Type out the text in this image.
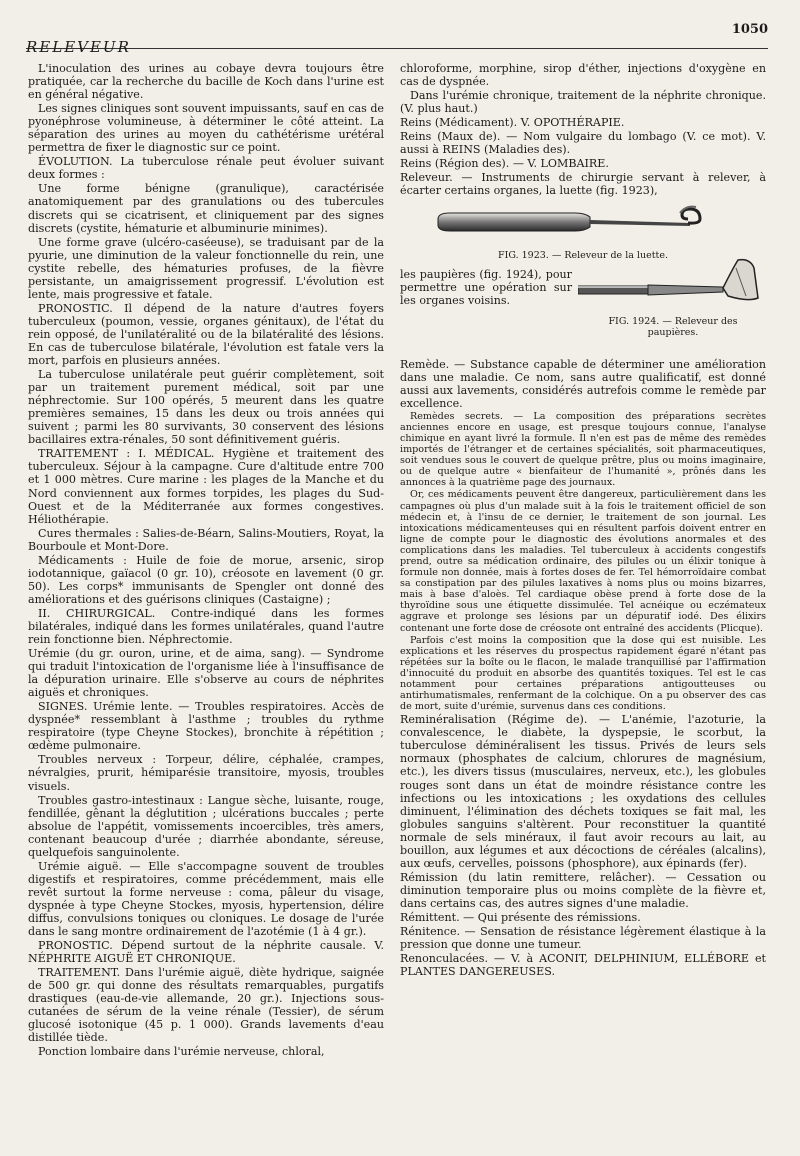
RELEVEUR
1050

L'inoculation des urines au cobaye devra toujours être pratiquée, car la recherche du bacille de Koch dans l'urine est en général négative.

Les signes cliniques sont souvent impuissants, sauf en cas de pyonéphrose volumineuse, à déterminer le côté atteint. La séparation des urines au moyen du cathétérisme urétéral permettra de fixer le diagnostic sur ce point.

ÉVOLUTION. La tuberculose rénale peut évoluer suivant deux formes :

Une forme bénigne (granulique), caractérisée anatomiquement par des granulations ou des tubercules discrets qui se cicatrisent, et cliniquement par des signes discrets (cystite, hématurie et albuminurie minimes).

Une forme grave (ulcéro-caséeuse), se traduisant par de la pyurie, une diminution de la valeur fonctionnelle du rein, une cystite rebelle, des hématuries profuses, de la fièvre persistante, un amaigrissement progressif. L'évolution est lente, mais progressive et fatale.

PRONOSTIC. Il dépend de la nature d'autres foyers tuberculeux (poumon, vessie, organes génitaux), de l'état du rein opposé, de l'unilatéralité ou de la bilatéralité des lésions. En cas de tuberculose bilatérale, l'évolution est fatale vers la mort, parfois en plusieurs années.

La tuberculose unilatérale peut guérir complètement, soit par un traitement purement médical, soit par une néphrectomie. Sur 100 opérés, 5 meurent dans les quatre premières semaines, 15 dans les deux ou trois années qui suivent ; parmi les 80 survivants, 30 conservent des lésions bacillaires extra-rénales, 50 sont définitivement guéris.

TRAITEMENT : I. MÉDICAL. Hygiène et traitement des tuberculeux. Séjour à la campagne. Cure d'altitude entre 700 et 1 000 mètres. Cure marine : les plages de la Manche et du Nord conviennent aux formes torpides, les plages du Sud-Ouest et de la Méditerranée aux formes congestives. Héliothérapie.

Cures thermales : Salies-de-Béarn, Salins-Moutiers, Royat, la Bourboule et Mont-Dore.

Médicaments : Huile de foie de morue, arsenic, sirop iodotannique, gaïacol (0 gr. 10), créosote en lavement (0 gr. 50). Les corps* immunisants de Spengler ont donné des améliorations et des guérisons cliniques (Castaigne) ;

II. CHIRURGICAL. Contre-indiqué dans les formes bilatérales, indiqué dans les formes unilatérales, quand l'autre rein fonctionne bien. Néphrectomie.

Urémie (du gr. ouron, urine, et de aima, sang). — Syndrome qui traduit l'intoxication de l'organisme liée à l'insuffisance de la dépuration urinaire. Elle s'observe au cours de néphrites aiguës et chroniques.

SIGNES. Urémie lente. — Troubles respiratoires. Accès de dyspnée* ressemblant à l'asthme ; troubles du rythme respiratoire (type Cheyne Stockes), bronchite à répétition ; œdème pulmonaire.

Troubles nerveux : Torpeur, délire, céphalée, crampes, névralgies, prurit, hémiparésie transitoire, myosis, troubles visuels.

Troubles gastro-intestinaux : Langue sèche, luisante, rouge, fendillée, gênant la déglutition ; ulcérations buccales ; perte absolue de l'appétit, vomissements incoercibles, très amers, contenant beaucoup d'urée ; diarrhée abondante, séreuse, quelquefois sanguinolente.

Urémie aiguë. — Elle s'accompagne souvent de troubles digestifs et respiratoires, comme précédemment, mais elle revêt surtout la forme nerveuse : coma, pâleur du visage, dyspnée à type Cheyne Stockes, myosis, hypertension, délire diffus, convulsions toniques ou cloniques. Le dosage de l'urée dans le sang montre ordinairement de l'azotémie (1 à 4 gr.).

PRONOSTIC. Dépend surtout de la néphrite causale. V. NÉPHRITE AIGUË ET CHRONIQUE.

TRAITEMENT. Dans l'urémie aiguë, diète hydrique, saignée de 500 gr. qui donne des résultats remarquables, purgatifs drastiques (eau-de-vie allemande, 20 gr.). Injections sous-cutanées de sérum de la veine rénale (Tessier), de sérum glucosé isotonique (45 p. 1 000). Grands lavements d'eau distillée tiède.

Ponction lombaire dans l'urémie nerveuse, chloral,

chloroforme, morphine, sirop d'éther, injections d'oxygène en cas de dyspnée.

Dans l'urémie chronique, traitement de la néphrite chronique. (V. plus haut.)

Reins (Médicament). V. OPOTHÉRAPIE.

Reins (Maux de). — Nom vulgaire du lombago (V. ce mot). V. aussi à REINS (Maladies des).

Reins (Région des). — V. LOMBAIRE.

Releveur. — Instruments de chirurgie servant à relever, à écarter certains organes, la luette (fig. 1923),

FIG. 1923. — Releveur de la luette.
les paupières (fig. 1924), pour permettre une opération sur les organes voisins.
FIG. 1924. — Releveur des paupières.

Remède. — Substance capable de déterminer une amélioration dans une maladie. Ce nom, sans autre qualificatif, est donné aussi aux lavements, considérés autrefois comme le remède par excellence.

Remèdes secrets. — La composition des préparations secrètes anciennes encore en usage, est presque toujours connue, l'analyse chimique en ayant livré la formule. Il n'en est pas de même des remèdes importés de l'étranger et de certaines spécialités, soit pharmaceutiques, soit vendues sous le couvert de quelque prêtre, plus ou moins imaginaire, ou de quelque autre « bienfaiteur de l'humanité », prônés dans les annonces à la quatrième page des journaux.

Or, ces médicaments peuvent être dangereux, particulièrement dans les campagnes où plus d'un malade suit à la fois le traitement officiel de son médecin et, à l'insu de ce dernier, le traitement de son journal. Les intoxications médicamenteuses qui en résultent parfois doivent entrer en ligne de compte pour le diagnostic des évolutions anormales et des complications dans les maladies. Tel tuberculeux à accidents congestifs prend, outre sa médication ordinaire, des pilules ou un élixir tonique à formule non donnée, mais à fortes doses de fer. Tel hémorroïdaire combat sa constipation par des pilules laxatives à noms plus ou moins bizarres, mais à base d'aloès. Tel cardiaque obèse prend à forte dose de la thyroïdine sous une étiquette dissimulée. Tel acnéique ou eczémateux aggrave et prolonge ses lésions par un dépuratif iodé. Des élixirs contenant une forte dose de créosote ont entraîné des accidents (Plicque).

Parfois c'est moins la composition que la dose qui est nuisible. Les explications et les réserves du prospectus rapidement égaré n'étant pas répétées sur la boîte ou le flacon, le malade tranquillisé par l'affirmation d'innocuité du produit en absorbe des quantités toxiques. Tel est le cas notamment pour certaines préparations antigoutteuses ou antirhumatismales, renfermant de la colchique. On a pu observer des cas de mort, suite d'urémie, survenus dans ces conditions.

Reminéralisation (Régime de). — L'anémie, l'azoturie, la convalescence, le diabète, la dyspepsie, le scorbut, la tuberculose déminéralisent les tissus. Privés de leurs sels normaux (phosphates de calcium, chlorures de magnésium, etc.), les divers tissus (musculaires, nerveux, etc.), les globules rouges sont dans un état de moindre résistance contre les infections ou les intoxications ; les oxydations des cellules diminuent, l'élimination des déchets toxiques se fait mal, les globules sanguins s'altèrent. Pour reconstituer la quantité normale de sels minéraux, il faut avoir recours au lait, au bouillon, aux légumes et aux décoctions de céréales (alcalins), aux œufs, cervelles, poissons (phosphore), aux épinards (fer).

Rémission (du latin remittere, relâcher). — Cessation ou diminution temporaire plus ou moins complète de la fièvre et, dans certains cas, des autres signes d'une maladie.

Rémittent. — Qui présente des rémissions.

Rénitence. — Sensation de résistance légèrement élastique à la pression que donne une tumeur.

Renonculacées. — V. à ACONIT, DELPHINIUM, ELLÉBORE et PLANTES DANGEREUSES.
